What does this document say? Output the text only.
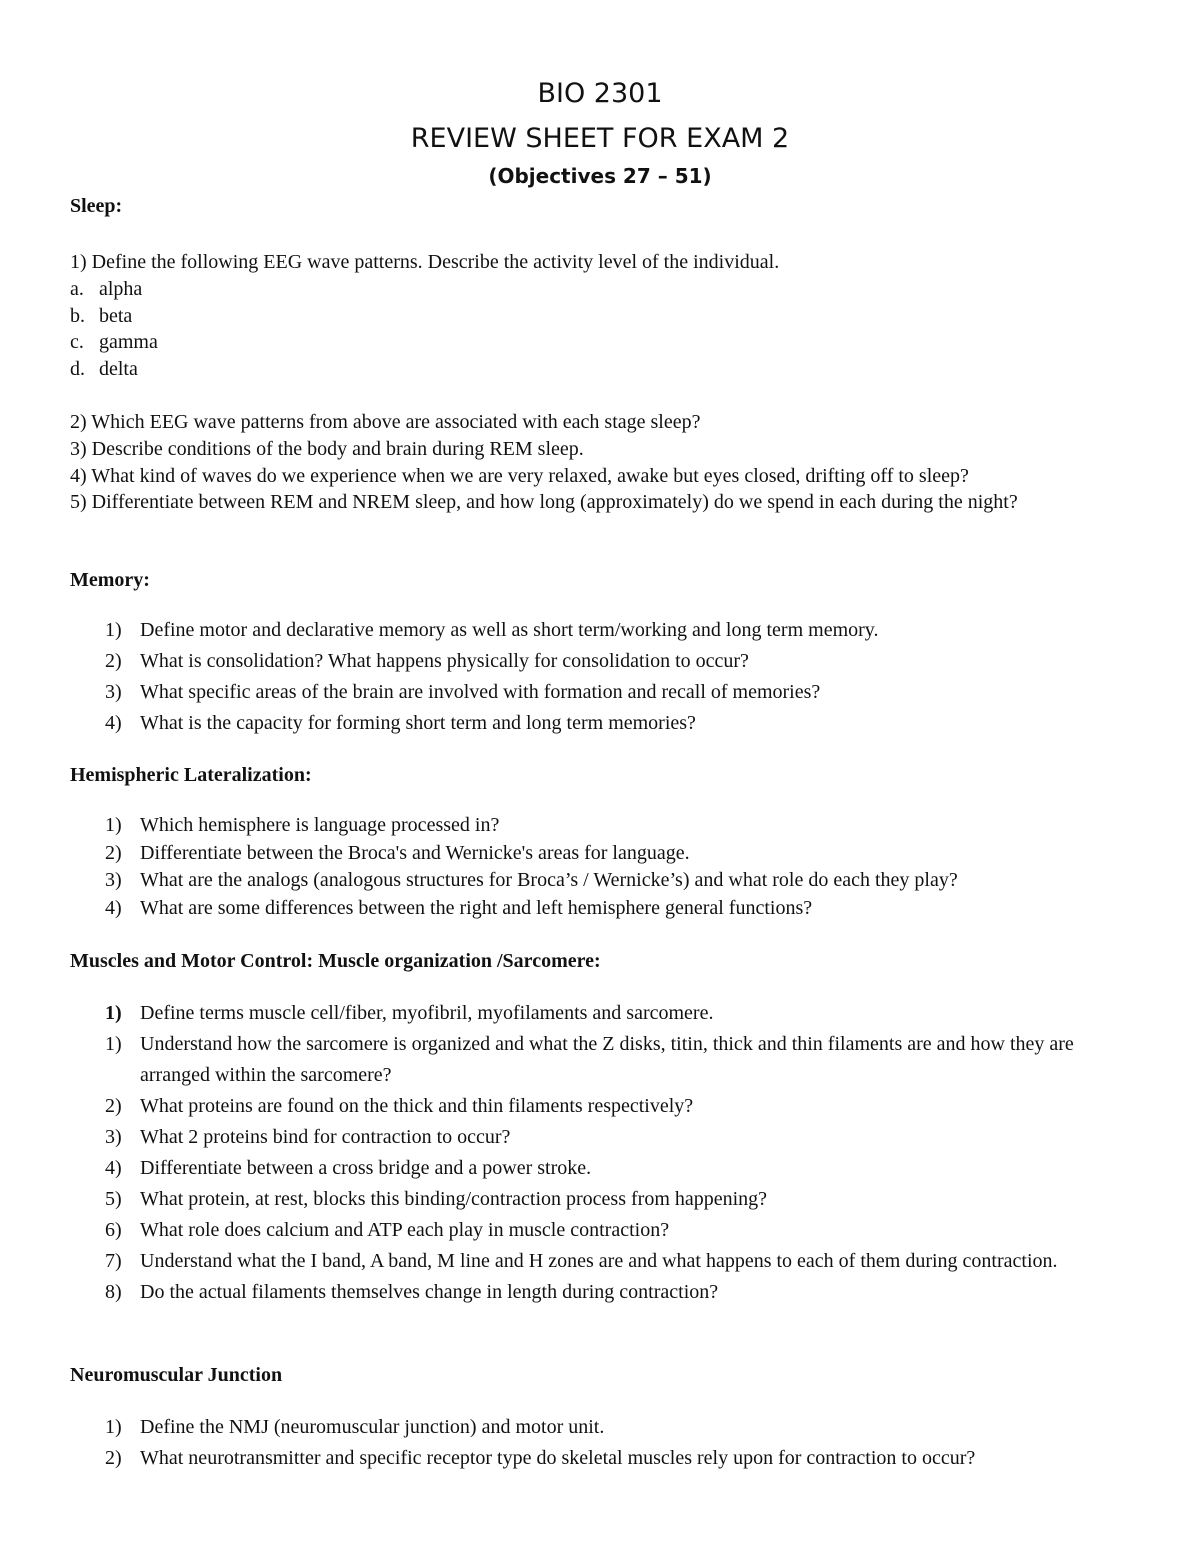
BIO 2301
REVIEW SHEET FOR EXAM 2
(Objectives 27 – 51)
Sleep:
1) Define the following EEG wave patterns. Describe the activity level of the individual.
a. alpha
b. beta
c. gamma
d. delta
2) Which EEG wave patterns from above are associated with each stage sleep?
3) Describe conditions of the body and brain during REM sleep.
4) What kind of waves do we experience when we are very relaxed, awake but eyes closed, drifting off to sleep?
5) Differentiate between REM and NREM sleep, and how long (approximately) do we spend in each during the night?
Memory:
1) Define motor and declarative memory as well as short term/working and long term memory.
2) What is consolidation? What happens physically for consolidation to occur?
3) What specific areas of the brain are involved with formation and recall of memories?
4) What is the capacity for forming short term and long term memories?
Hemispheric Lateralization:
1) Which hemisphere is language processed in?
2) Differentiate between the Broca's and Wernicke's areas for language.
3) What are the analogs (analogous structures for Broca’s / Wernicke’s) and what role do each they play?
4) What are some differences between the right and left hemisphere general functions?
Muscles and Motor Control: Muscle organization /Sarcomere:
1) Define terms muscle cell/fiber, myofibril, myofilaments and sarcomere.
1) Understand how the sarcomere is organized and what the Z disks, titin, thick and thin filaments are and how they are arranged within the sarcomere?
2) What proteins are found on the thick and thin filaments respectively?
3) What 2 proteins bind for contraction to occur?
4) Differentiate between a cross bridge and a power stroke.
5) What protein, at rest, blocks this binding/contraction process from happening?
6) What role does calcium and ATP each play in muscle contraction?
7) Understand what the I band, A band, M line and H zones are and what happens to each of them during contraction.
8) Do the actual filaments themselves change in length during contraction?
Neuromuscular Junction
1) Define the NMJ (neuromuscular junction) and motor unit.
2) What neurotransmitter and specific receptor type do skeletal muscles rely upon for contraction to occur?
